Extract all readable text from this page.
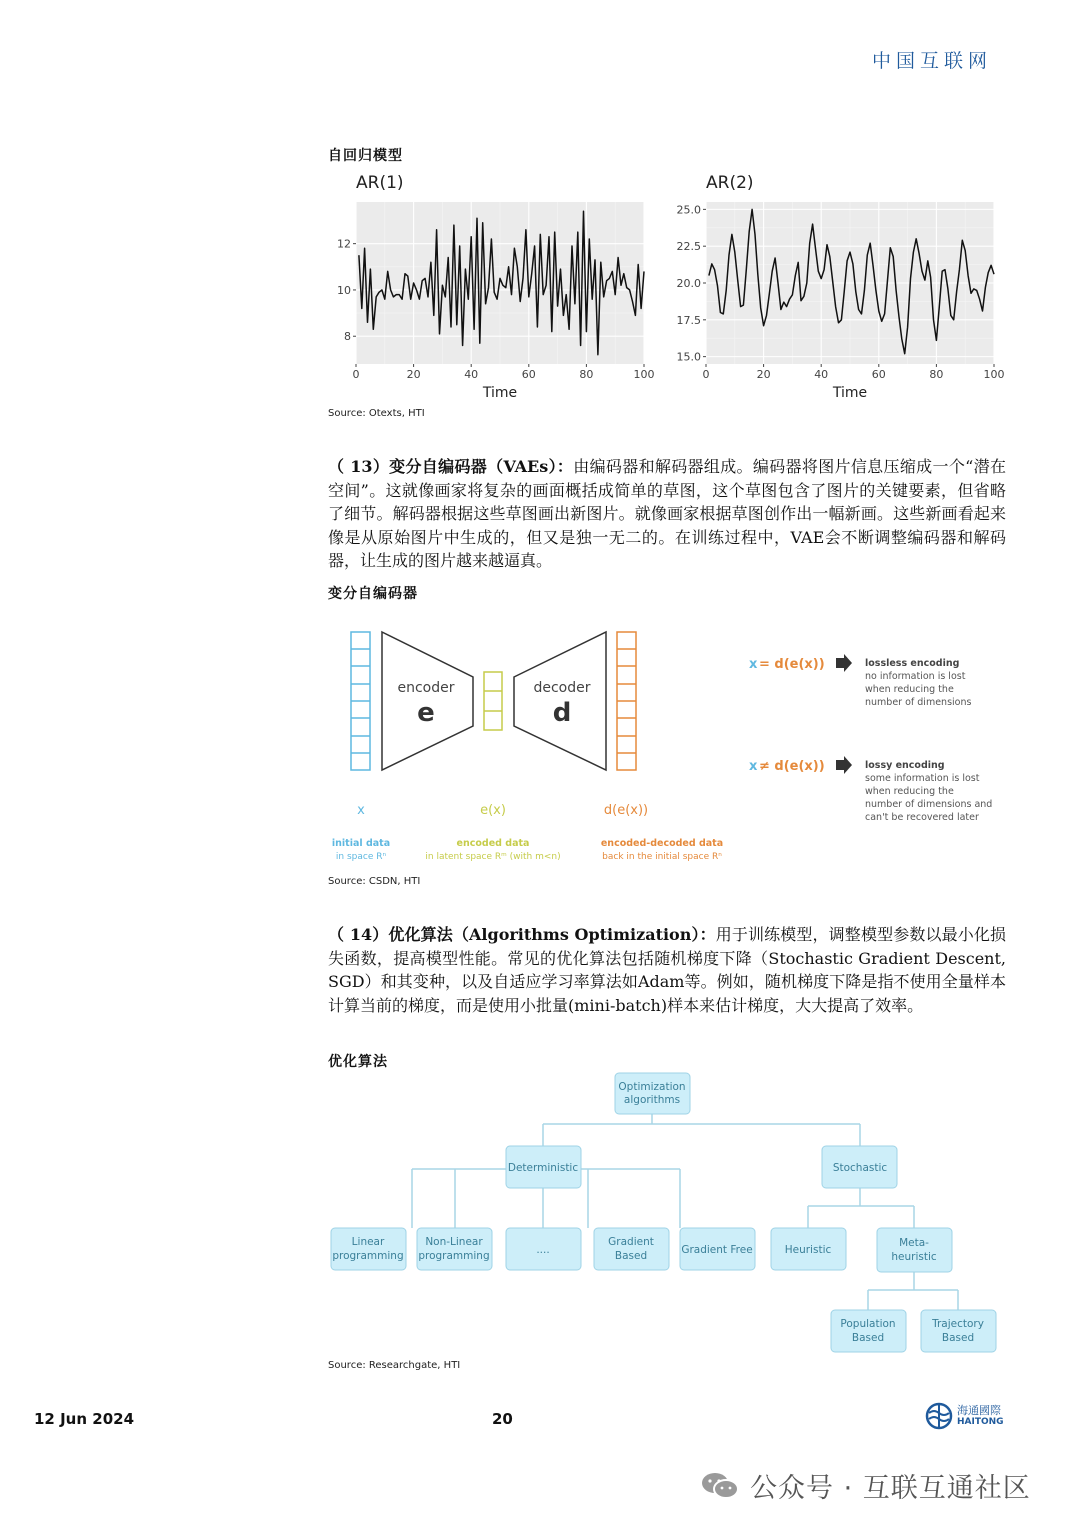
中国互联网
自回归模型
AR(1)
0	20	40	60	80	100
8
10
12
Time
AR(2)
0	20	40	60	80	100
15.0
17.5
20.0
22.5
25.0
Time
Source: Otexts, HTI
（ 13）变分自编码器（VAEs）：由编码器和解码器组成。编码器将图片信息压缩成一个“潜在空间”。这就像画家将复杂的画面概括成简单的草图，这个草图包含了图片的关键要素，但省略了细节。解码器根据这些草图画出新图片。就像画家根据草图创作出一幅新画。这些新画看起来像是从原始图片中生成的，但又是独一无二的。在训练过程中，VAE会不断调整编码器和解码器，让生成的图片越来越逼真。
变分自编码器
encoder
e
decoder
d
x	e(x)	d(e(x))
initial data
in space Rⁿ
encoded data
in latent space Rᵐ (with m<n)
encoded-decoded data
back in the initial space Rⁿ
x = d(e(x))	lossless encoding
no information is lost
when reducing the
number of dimensions
x ≠ d(e(x))	lossy encoding
some information is lost
when reducing the
number of dimensions and
can't be recovered later
Source: CSDN, HTI
（ 14）优化算法（Algorithms Optimization）：用于训练模型，调整模型参数以最小化损失函数，提高模型性能。常见的优化算法包括随机梯度下降（Stochastic Gradient Descent, SGD）和其变种，以及自适应学习率算法如Adam等。例如，随机梯度下降是指不使用全量样本计算当前的梯度，而是使用小批量(mini-batch)样本来估计梯度，大大提高了效率。
优化算法
Optimization
algorithms
Deterministic	Stochastic
Linear
programming
Non-Linear
programming	....
Gradient
Based	Gradient Free	Heuristic
Meta-
heuristic
Population
Based
Trajectory
Based
Source: Researchgate, HTI
12 Jun 2024	20	海通國際
HAITONG
公众号 · 互联互通社区
